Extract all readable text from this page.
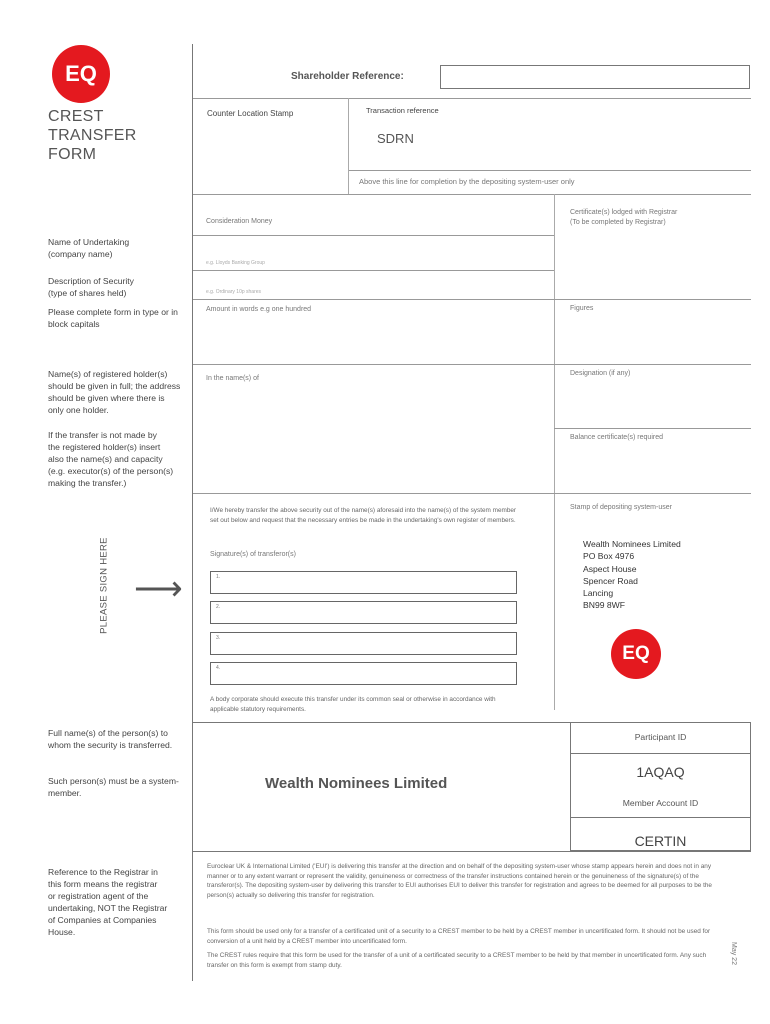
EQ
CREST
TRANSFER
FORM
Shareholder Reference:
Counter Location Stamp	Transaction reference
SDRN
Above this line for completion by the depositing system-user only
Consideration Money
e.g. Lloyds Banking Group
e.g. Ordinary 10p shares
Amount in words e.g one hundred
In the name(s) of
Certificate(s) lodged with Registrar
(To be completed by Registrar)
Figures
Designation (if any)
Balance certificate(s) required
Stamp of depositing system-user
Wealth Nominees Limited
PO Box 4976
Aspect House
Spencer Road
Lancing
BN99 8WF
EQ
I/We hereby transfer the above security out of the name(s) aforesaid into the name(s) of the system member set out below and request that the necessary entries be made in the undertaking's own register of members.
Signature(s) of transferor(s)
1.
2.
3.
4.
A body corporate should execute this transfer under its common seal or otherwise in accordance with applicable statutory requirements.
PLEASE SIGN HERE ⟶
Name of Undertaking
(company name)
Description of Security
(type of shares held)
Please complete form in type or in
block capitals
Name(s) of registered holder(s)
should be given in full; the address
should be given where there is
only one holder.
If the transfer is not made by
the registered holder(s) insert
also the name(s) and capacity
(e.g. executor(s) of the person(s)
making the transfer.)
Full name(s) of the person(s) to
whom the security is transferred.
Such person(s) must be a system-
member.
Reference to the Registrar in
this form means the registrar
or registration agent of the
undertaking, NOT the Registrar
of Companies at Companies
House.
Wealth Nominees Limited
Participant ID
1AQAQ
Member Account ID
CERTIN
Euroclear UK & International Limited ('EUI') is delivering this transfer at the direction and on behalf of the depositing system-user whose stamp appears herein and does not in any manner or to any extent warrant or represent the validity, genuineness or correctness of the transfer instructions contained herein or the genuineness of the signature(s) of the transferor(s). The depositing system-user by delivering this transfer to EUI authorises EUI to deliver this transfer for registration and agrees to be deemed for all purposes to be the person(s) actually so delivering this transfer for registration.
This form should be used only for a transfer of a certificated unit of a security to a CREST member to be held by a CREST member in uncertificated form. It should not be used for conversion of a unit held by a CREST member into uncertificated form.
The CREST rules require that this form be used for the transfer of a unit of a certificated security to a CREST member to be held by that member in uncertificated form. Any such transfer on this form is exempt from stamp duty.
May 22
